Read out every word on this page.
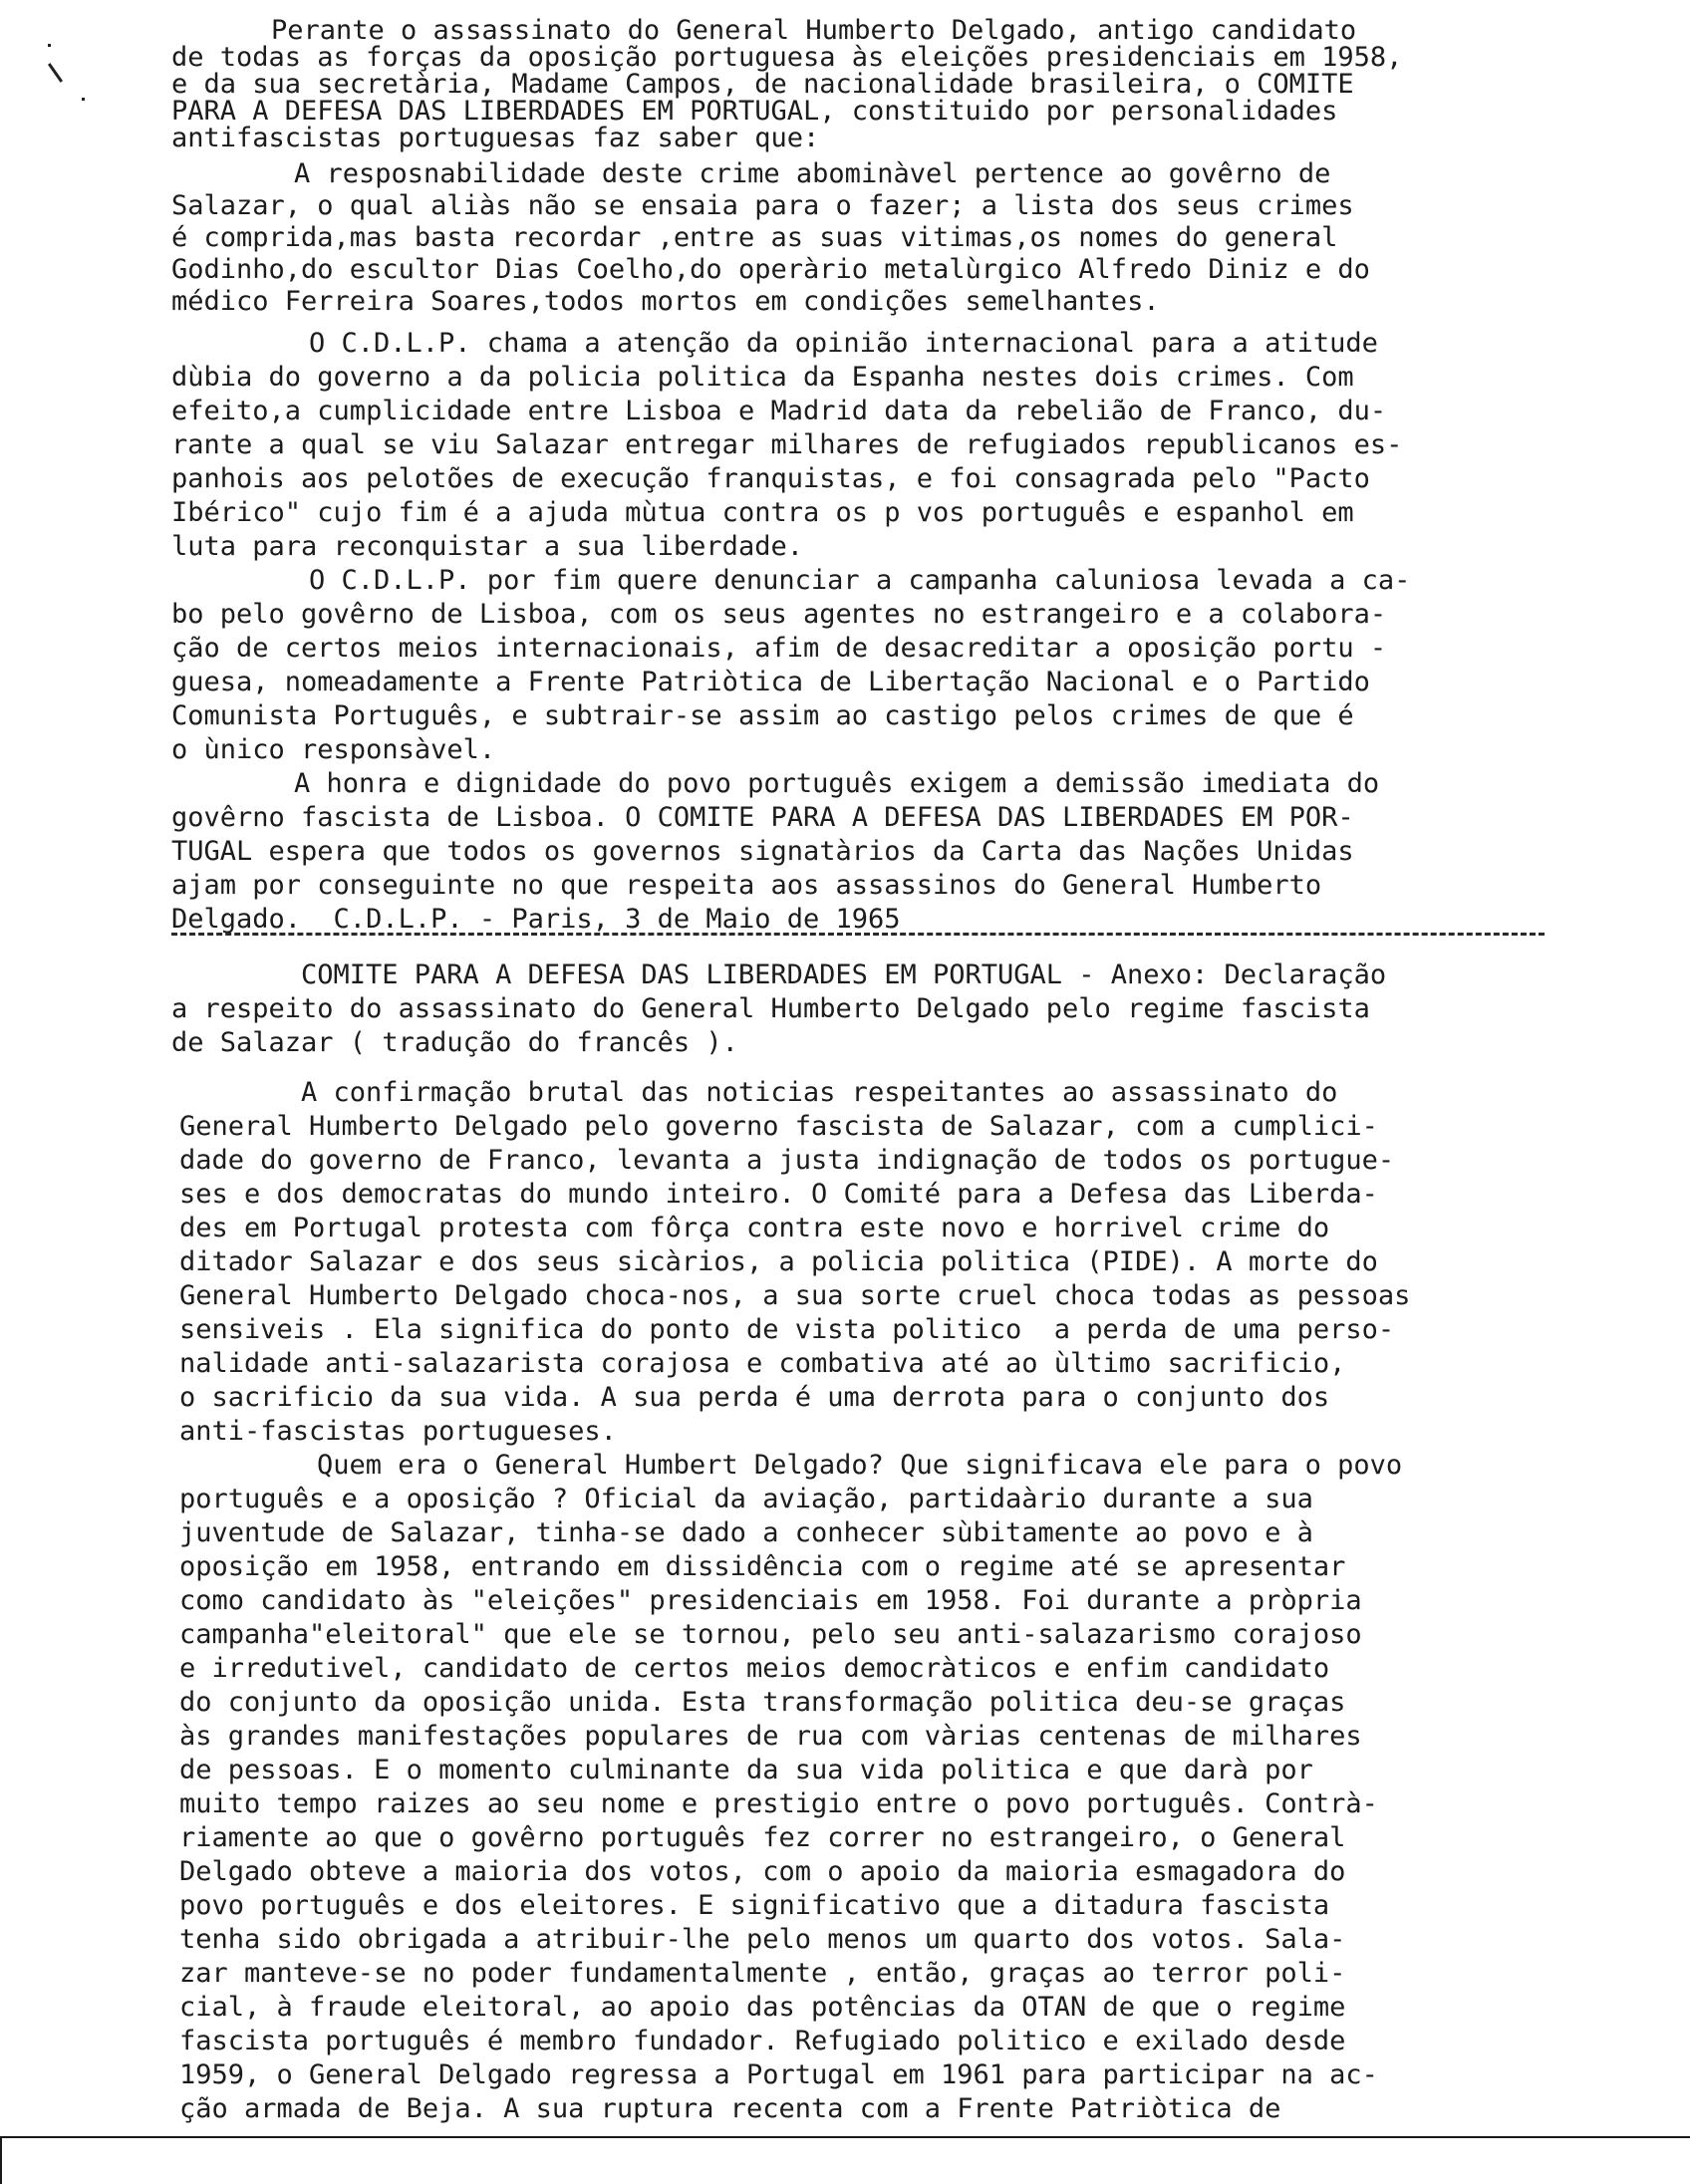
Perante o assassinato do General Humberto Delgado, antigo candidato
de todas as forças da oposição portuguesa às eleições presidenciais em 1958,
e da sua secretària, Madame Campos, de nacionalidade brasileira, o COMITE
PARA A DEFESA DAS LIBERDADES EM PORTUGAL, constituido por personalidades
antifascistas portuguesas faz saber que:
A resposnabilidade deste crime abominàvel pertence ao govêrno de
Salazar, o qual aliàs não se ensaia para o fazer; a lista dos seus crimes
é comprida,mas basta recordar ,entre as suas vitimas,os nomes do general
Godinho,do escultor Dias Coelho,do operàrio metalùrgico Alfredo Diniz e do
médico Ferreira Soares,todos mortos em condições semelhantes.
O C.D.L.P. chama a atenção da opinião internacional para a atitude
dùbia do governo a da policia politica da Espanha nestes dois crimes. Com
efeito,a cumplicidade entre Lisboa e Madrid data da rebelião de Franco, du-
rante a qual se viu Salazar entregar milhares de refugiados republicanos es-
panhois aos pelotões de execução franquistas, e foi consagrada pelo "Pacto
Ibérico" cujo fim é a ajuda mùtua contra os p vos português e espanhol em
luta para reconquistar a sua liberdade.
O C.D.L.P. por fim quere denunciar a campanha caluniosa levada a ca-
bo pelo govêrno de Lisboa, com os seus agentes no estrangeiro e a colabora-
ção de certos meios internacionais, afim de desacreditar a oposição portu -
guesa, nomeadamente a Frente Patriòtica de Libertação Nacional e o Partido
Comunista Português, e subtrair-se assim ao castigo pelos crimes de que é
o ùnico responsàvel.
A honra e dignidade do povo português exigem a demissão imediata do
govêrno fascista de Lisboa. O COMITE PARA A DEFESA DAS LIBERDADES EM POR-
TUGAL espera que todos os governos signatàrios da Carta das Nações Unidas
ajam por conseguinte no que respeita aos assassinos do General Humberto
Delgado.  C.D.L.P. - Paris, 3 de Maio de 1965
COMITE PARA A DEFESA DAS LIBERDADES EM PORTUGAL - Anexo: Declaração
a respeito do assassinato do General Humberto Delgado pelo regime fascista
de Salazar ( tradução do francês ).
A confirmação brutal das noticias respeitantes ao assassinato do
General Humberto Delgado pelo governo fascista de Salazar, com a cumplici-
dade do governo de Franco, levanta a justa indignação de todos os portugue-
ses e dos democratas do mundo inteiro. O Comité para a Defesa das Liberda-
des em Portugal protesta com fôrça contra este novo e horrivel crime do
ditador Salazar e dos seus sicàrios, a policia politica (PIDE). A morte do
General Humberto Delgado choca-nos, a sua sorte cruel choca todas as pessoas
sensiveis . Ela significa do ponto de vista politico  a perda de uma perso-
nalidade anti-salazarista corajosa e combativa até ao ùltimo sacrificio,
o sacrificio da sua vida. A sua perda é uma derrota para o conjunto dos
anti-fascistas portugueses.
Quem era o General Humbert Delgado? Que significava ele para o povo
português e a oposição ? Oficial da aviação, partidaàrio durante a sua
juventude de Salazar, tinha-se dado a conhecer sùbitamente ao povo e à
oposição em 1958, entrando em dissidência com o regime até se apresentar
como candidato às "eleições" presidenciais em 1958. Foi durante a pròpria
campanha"eleitoral" que ele se tornou, pelo seu anti-salazarismo corajoso
e irredutivel, candidato de certos meios democràticos e enfim candidato
do conjunto da oposição unida. Esta transformação politica deu-se graças
às grandes manifestações populares de rua com vàrias centenas de milhares
de pessoas. E o momento culminante da sua vida politica e que darà por
muito tempo raizes ao seu nome e prestigio entre o povo português. Contrà-
riamente ao que o govêrno português fez correr no estrangeiro, o General
Delgado obteve a maioria dos votos, com o apoio da maioria esmagadora do
povo português e dos eleitores. E significativo que a ditadura fascista
tenha sido obrigada a atribuir-lhe pelo menos um quarto dos votos. Sala-
zar manteve-se no poder fundamentalmente , então, graças ao terror poli-
cial, à fraude eleitoral, ao apoio das potências da OTAN de que o regime
fascista português é membro fundador. Refugiado politico e exilado desde
1959, o General Delgado regressa a Portugal em 1961 para participar na ac-
ção armada de Beja. A sua ruptura recenta com a Frente Patriòtica de
